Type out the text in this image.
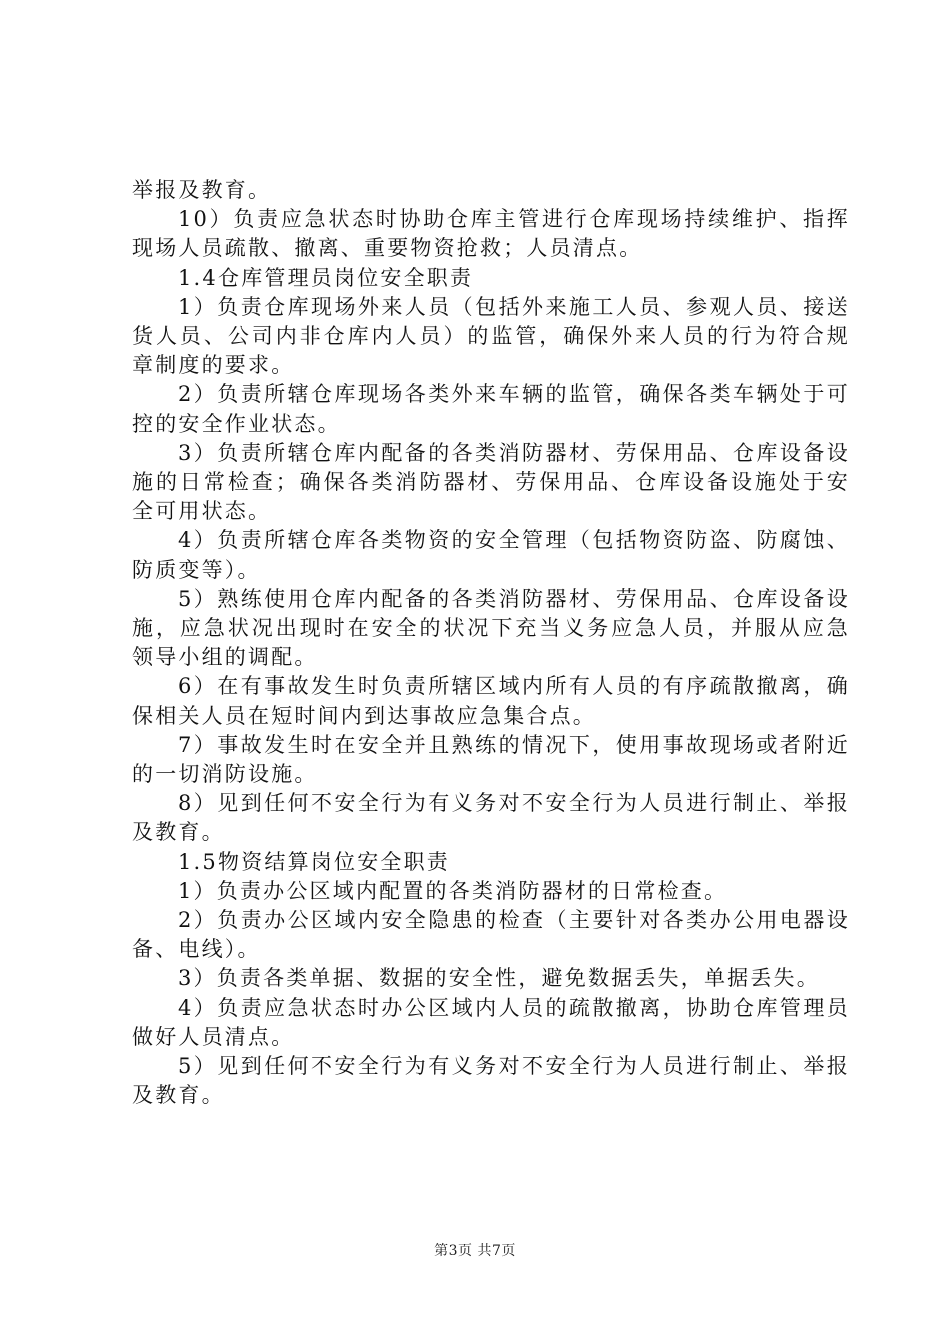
举报及教育。

10）负责应急状态时协助仓库主管进行仓库现场持续维护、指挥现场人员疏散、撤离、重要物资抢救；人员清点。

1.4仓库管理员岗位安全职责

1）负责仓库现场外来人员（包括外来施工人员、参观人员、接送货人员、公司内非仓库内人员）的监管，确保外来人员的行为符合规章制度的要求。

2）负责所辖仓库现场各类外来车辆的监管，确保各类车辆处于可控的安全作业状态。

3）负责所辖仓库内配备的各类消防器材、劳保用品、仓库设备设施的日常检查；确保各类消防器材、劳保用品、仓库设备设施处于安全可用状态。

4）负责所辖仓库各类物资的安全管理（包括物资防盗、防腐蚀、防质变等）。

5）熟练使用仓库内配备的各类消防器材、劳保用品、仓库设备设施，应急状况出现时在安全的状况下充当义务应急人员，并服从应急领导小组的调配。

6）在有事故发生时负责所辖区域内所有人员的有序疏散撤离，确保相关人员在短时间内到达事故应急集合点。

7）事故发生时在安全并且熟练的情况下，使用事故现场或者附近的一切消防设施。

8）见到任何不安全行为有义务对不安全行为人员进行制止、举报及教育。

1.5物资结算岗位安全职责

1）负责办公区域内配置的各类消防器材的日常检查。

2）负责办公区域内安全隐患的检查（主要针对各类办公用电器设备、电线）。

3）负责各类单据、数据的安全性，避免数据丢失，单据丢失。

4）负责应急状态时办公区域内人员的疏散撤离，协助仓库管理员做好人员清点。

5）见到任何不安全行为有义务对不安全行为人员进行制止、举报及教育。

第3页 共7页
